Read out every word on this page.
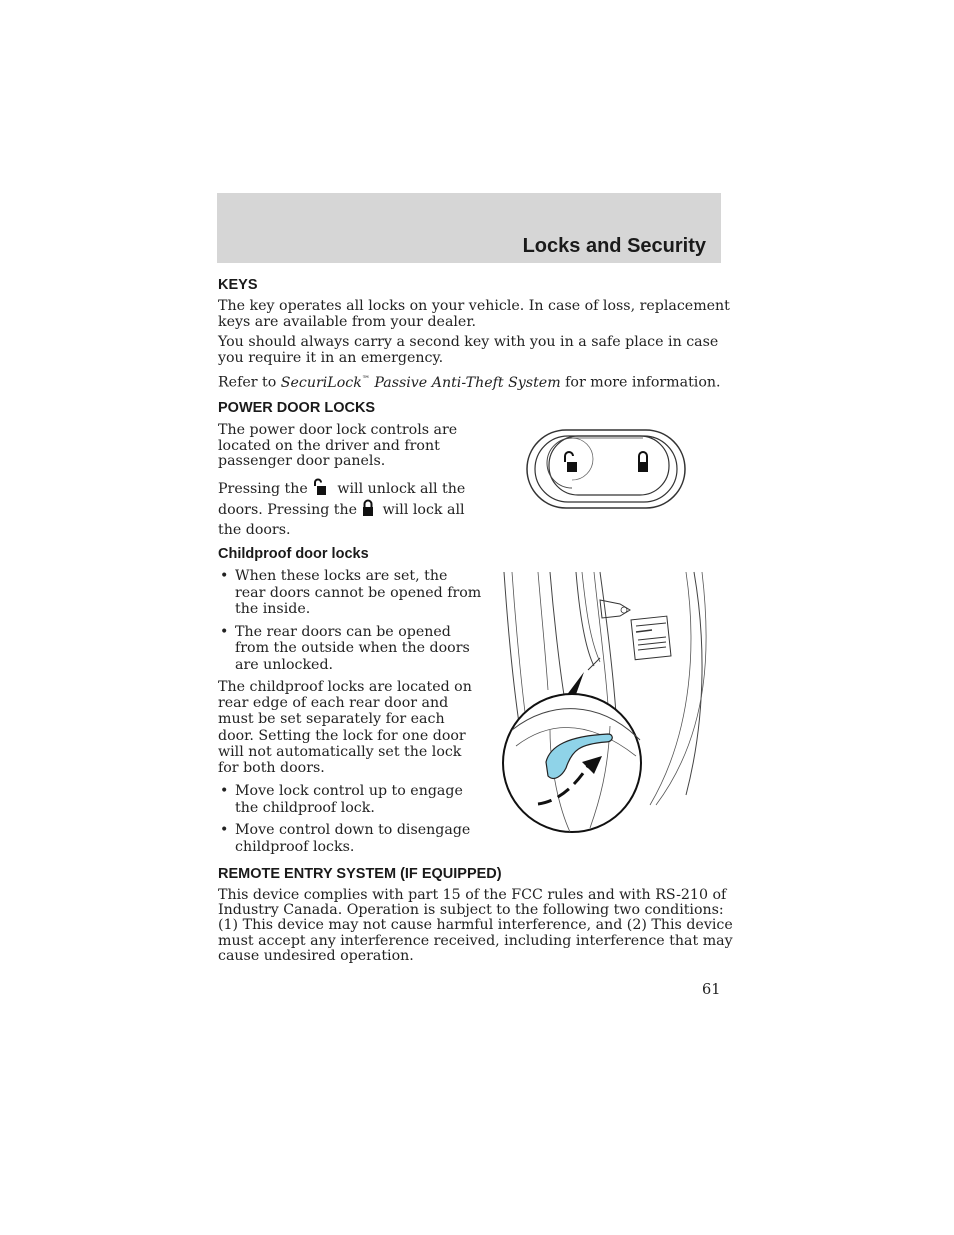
Locks and Security
KEYS

The key operates all locks on your vehicle. In case of loss, replacement
keys are available from your dealer.

You should always carry a second key with you in a safe place in case
you require it in an emergency.

Refer to SecuriLock™ Passive Anti-Theft System for more information.

POWER DOOR LOCKS

The power door lock controls are
located on the driver and front
passenger door panels.

Pressing the will unlock all the
doors. Pressing the will lock all
the doors.

Childproof door locks
• When these locks are set, the
rear doors cannot be opened from
the inside.
• The rear doors can be opened
from the outside when the doors
are unlocked.

The childproof locks are located on
rear edge of each rear door and
must be set separately for each
door. Setting the lock for one door
will not automatically set the lock
for both doors.

• Move lock control up to engage
the childproof lock.
• Move control down to disengage
childproof locks.
REMOTE ENTRY SYSTEM (IF EQUIPPED)

This device complies with part 15 of the FCC rules and with RS-210 of
Industry Canada. Operation is subject to the following two conditions:
(1) This device may not cause harmful interference, and (2) This device
must accept any interference received, including interference that may
cause undesired operation.

61
